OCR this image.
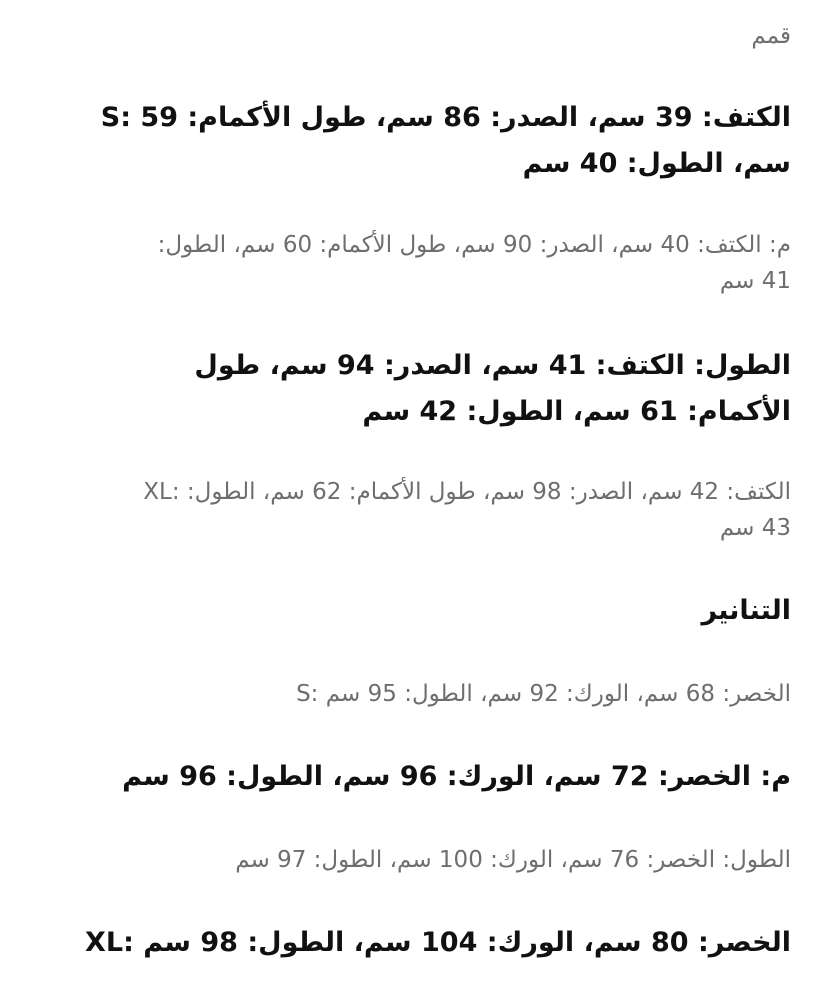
قمم
الكتف: 39 سم، الصدر: 86 سم، طول الأكمام: S: 59
سم، الطول: 40 سم
م: الكتف: 40 سم، الصدر: 90 سم، طول الأكمام: 60 سم، الطول:
41 سم
الطول: الكتف: 41 سم، الصدر: 94 سم، طول
الأكمام: 61 سم، الطول: 42 سم
الكتف: 42 سم، الصدر: 98 سم، طول الأكمام: 62 سم، الطول: :XL
43 سم
التنانير
الخصر: 68 سم، الورك: 92 سم، الطول: 95 سم :S
م: الخصر: 72 سم، الورك: 96 سم، الطول: 96 سم
الطول: الخصر: 76 سم، الورك: 100 سم، الطول: 97 سم
الخصر: 80 سم، الورك: 104 سم، الطول: 98 سم :XL
